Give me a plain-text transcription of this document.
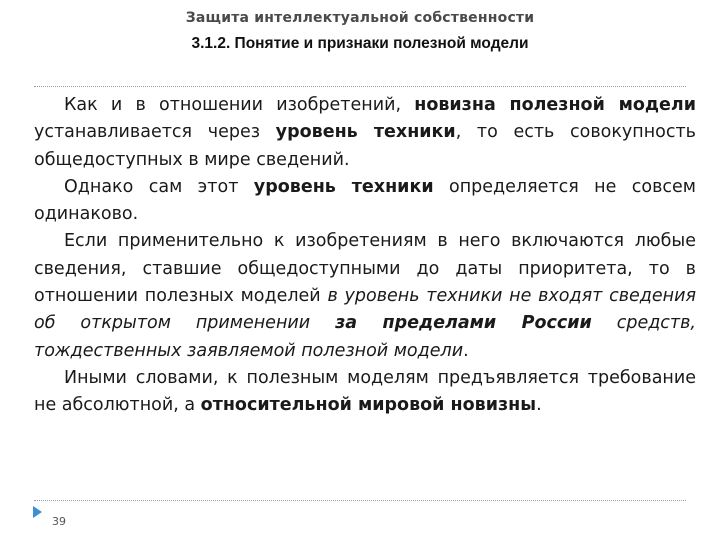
Защита интеллектуальной собственности
3.1.2. Понятие и признаки полезной модели

Как и в отношении изобретений, новизна полезной модели устанавливается через уровень техники, то есть совокупность общедоступных в мире сведений.

Однако сам этот уровень техники определяется не совсем одинаково.

Если применительно к изобретениям в него включаются любые сведения, ставшие общедоступными до даты приоритета, то в отношении полезных моделей в уровень техники не входят сведения об открытом применении за пределами России средств, тождественных заявляемой полезной модели.

Иными словами, к полезным моделям предъявляется требование не абсолютной, а относительной мировой новизны.

39
